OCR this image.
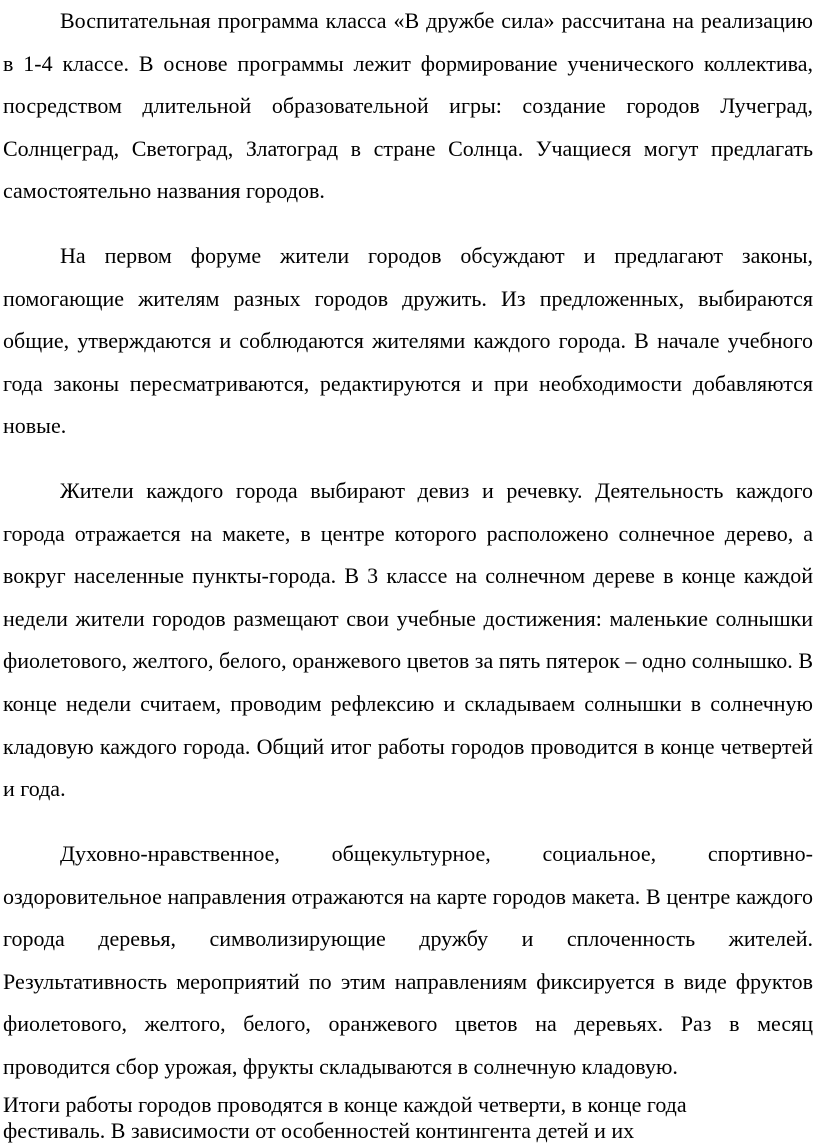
Воспитательная программа класса «В дружбе сила» рассчитана на реализацию в 1-4 классе. В основе программы лежит формирование ученического коллектива, посредством длительной образовательной игры: создание городов Лучеград, Солнцеград, Светоград, Златоград в стране Солнца. Учащиеся могут предлагать самостоятельно названия городов.

На первом форуме жители городов обсуждают и предлагают законы, помогающие жителям разных городов дружить. Из предложенных, выбираются общие, утверждаются и соблюдаются жителями каждого города. В начале учебного года законы пересматриваются, редактируются и при необходимости добавляются новые.

Жители каждого города выбирают девиз и речевку. Деятельность каждого города отражается на макете, в центре которого расположено солнечное дерево, а вокруг населенные пункты-города. В 3 классе на солнечном дереве в конце каждой недели жители городов размещают свои учебные достижения: маленькие солнышки фиолетового, желтого, белого, оранжевого цветов за пять пятерок – одно солнышко. В конце недели считаем, проводим рефлексию и складываем солнышки в солнечную кладовую каждого города. Общий итог работы городов проводится в конце четвертей и года.

Духовно-нравственное, общекультурное, социальное, спортивно-оздоровительное направления отражаются на карте городов макета. В центре каждого города деревья, символизирующие дружбу и сплоченность жителей. Результативность мероприятий по этим направлениям фиксируется в виде фруктов фиолетового, желтого, белого, оранжевого цветов на деревьях. Раз в месяц проводится сбор урожая, фрукты складываются в солнечную кладовую.

Итоги работы городов проводятся в конце каждой четверти, в конце года

фестиваль. В зависимости от особенностей контингента детей и их
